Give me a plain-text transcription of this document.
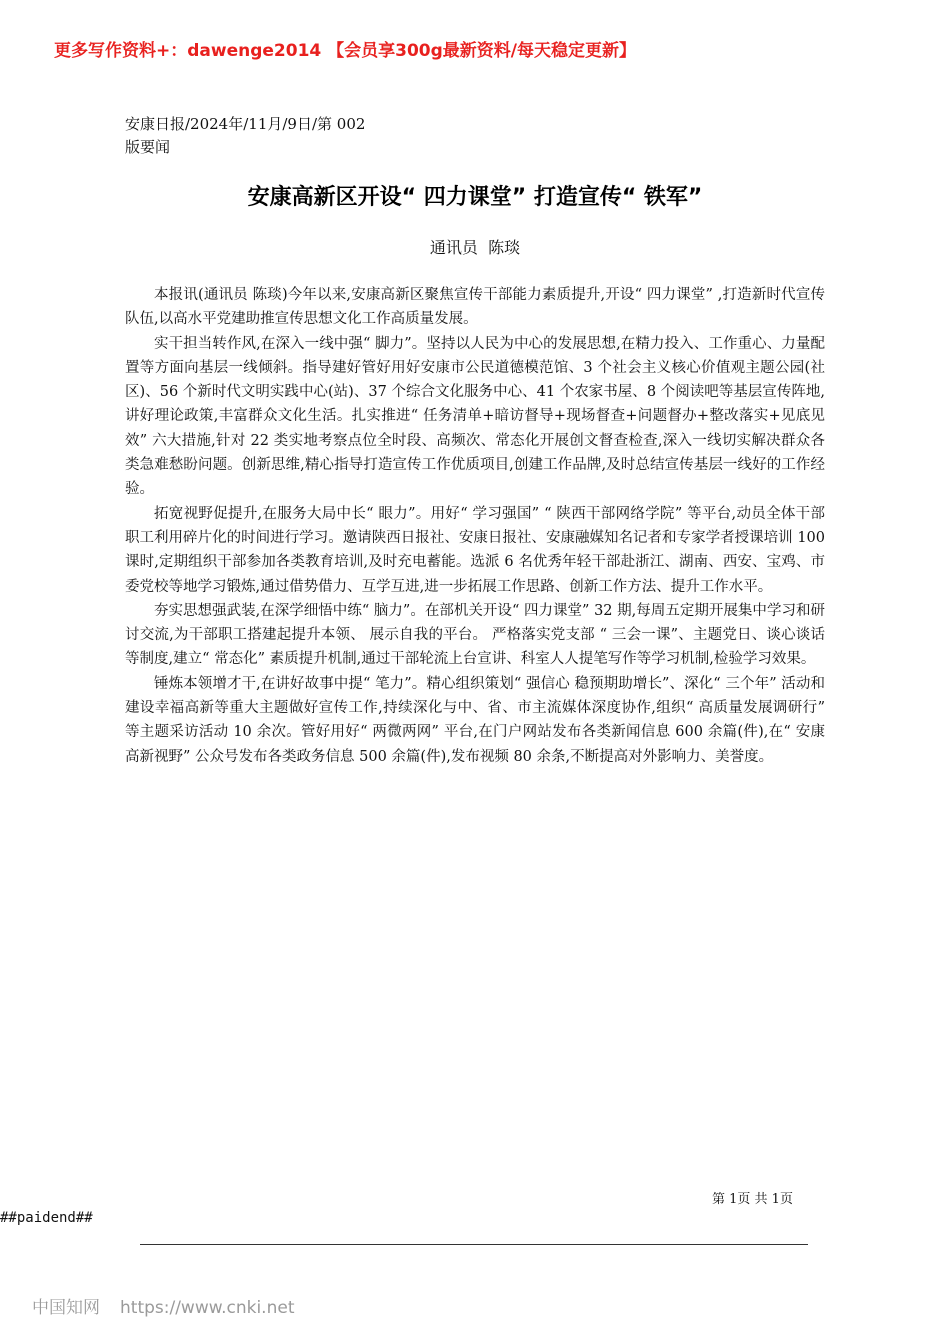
更多写作资料+：dawenge2014 【会员享300g最新资料/每天稳定更新】
安康日报/2024年/11月/9日/第 002
版要闻
安康高新区开设“ 四力课堂” 打造宣传“ 铁军”
通讯员  陈琰

本报讯(通讯员 陈琰)今年以来,安康高新区聚焦宣传干部能力素质提升,开设“ 四力课堂” ,打造新时代宣传队伍,以高水平党建助推宣传思想文化工作高质量发展。

实干担当转作风,在深入一线中强“ 脚力”。坚持以人民为中心的发展思想,在精力投入、工作重心、力量配置等方面向基层一线倾斜。指导建好管好用好安康市公民道德模范馆、3 个社会主义核心价值观主题公园(社区)、56 个新时代文明实践中心(站)、37 个综合文化服务中心、41 个农家书屋、8 个阅读吧等基层宣传阵地,讲好理论政策,丰富群众文化生活。扎实推进“ 任务清单+暗访督导+现场督查+问题督办+整改落实+见底见效” 六大措施,针对 22 类实地考察点位全时段、高频次、常态化开展创文督查检查,深入一线切实解决群众各类急难愁盼问题。创新思维,精心指导打造宣传工作优质项目,创建工作品牌,及时总结宣传基层一线好的工作经验。

拓宽视野促提升,在服务大局中长“ 眼力”。用好“ 学习强国” “ 陕西干部网络学院” 等平台,动员全体干部职工利用碎片化的时间进行学习。邀请陕西日报社、安康日报社、安康融媒知名记者和专家学者授课培训 100 课时,定期组织干部参加各类教育培训,及时充电蓄能。选派 6 名优秀年轻干部赴浙江、湖南、西安、宝鸡、市委党校等地学习锻炼,通过借势借力、互学互进,进一步拓展工作思路、创新工作方法、提升工作水平。

夯实思想强武装,在深学细悟中练“ 脑力”。在部机关开设“ 四力课堂” 32 期,每周五定期开展集中学习和研讨交流,为干部职工搭建起提升本领、 展示自我的平台。 严格落实党支部 “ 三会一课”、主题党日、谈心谈话等制度,建立“ 常态化” 素质提升机制,通过干部轮流上台宣讲、科室人人提笔写作等学习机制,检验学习效果。

锤炼本领增才干,在讲好故事中提“ 笔力”。精心组织策划“ 强信心 稳预期助增长”、深化“ 三个年” 活动和建设幸福高新等重大主题做好宣传工作,持续深化与中、省、市主流媒体深度协作,组织“ 高质量发展调研行” 等主题采访活动 10 余次。管好用好“ 两微两网” 平台,在门户网站发布各类新闻信息 600 余篇(件),在“ 安康高新视野” 公众号发布各类政务信息 500 余篇(件),发布视频 80 余条,不断提高对外影响力、美誉度。

第 1页 共 1页
##paidend##
中国知网 https://www.cnki.net
